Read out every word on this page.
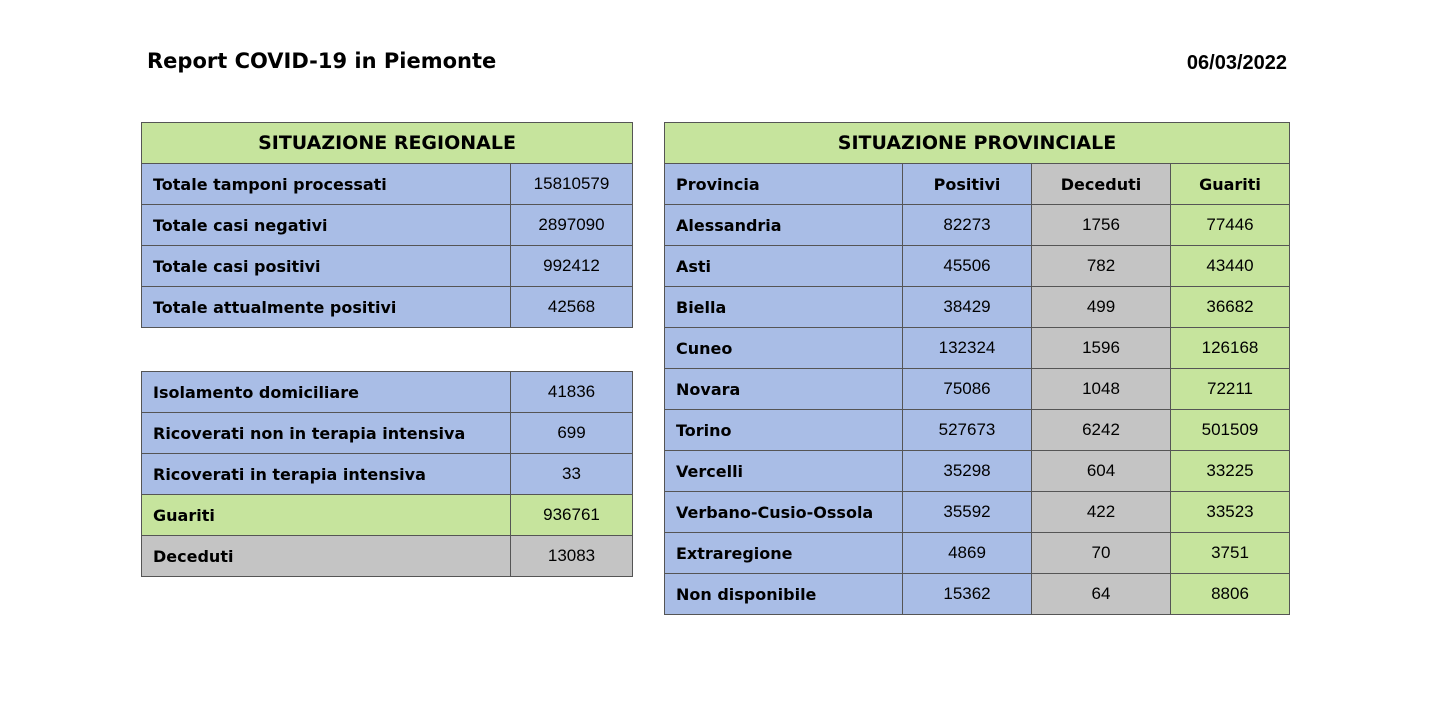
Report COVID-19 in Piemonte	06/03/2022
SITUAZIONE REGIONALE	
Totale tamponi processati	15810579
Totale casi negativi	2897090
Totale casi positivi	992412
Totale attualmente positivi	42568
Isolamento domiciliare	41836
Ricoverati non in terapia intensiva	699
Ricoverati in terapia intensiva	33
Guariti	936761
Deceduti	13083
SITUAZIONE PROVINCIALE			
Provincia	Positivi	Deceduti	Guariti
Alessandria	82273	1756	77446
Asti	45506	782	43440
Biella	38429	499	36682
Cuneo	132324	1596	126168
Novara	75086	1048	72211
Torino	527673	6242	501509
Vercelli	35298	604	33225
Verbano-Cusio-Ossola	35592	422	33523
Extraregione	4869	70	3751
Non disponibile	15362	64	8806
